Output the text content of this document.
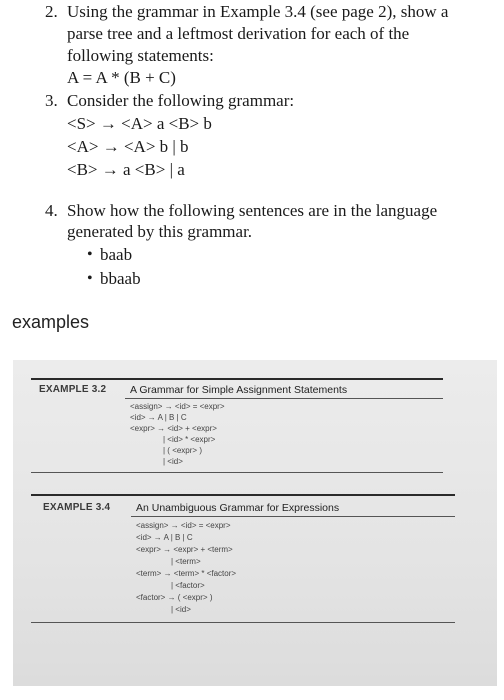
2. Using the grammar in Example 3.4 (see page 2), show a
parse tree and a leftmost derivation for each of the
following statements:
A = A * (B + C)
3. Consider the following grammar:
<S> → <A> a <B> b
<A> → <A> b | b
<B> → a <B> | a
4. Show how the following sentences are in the language
generated by this grammar.
• baab
• bbaab
examples
EXAMPLE 3.2 A Grammar for Simple Assignment Statements
<assign> → <id> = <expr>
<id> → A | B | C
<expr> → <id> + <expr>
| <id> * <expr>
| ( <expr> )
| <id>
EXAMPLE 3.4 An Unambiguous Grammar for Expressions
<assign> → <id> = <expr>
<id> → A | B | C
<expr> → <expr> + <term>
| <term>
<term> → <term> * <factor>
| <factor>
<factor> → ( <expr> )
| <id>
